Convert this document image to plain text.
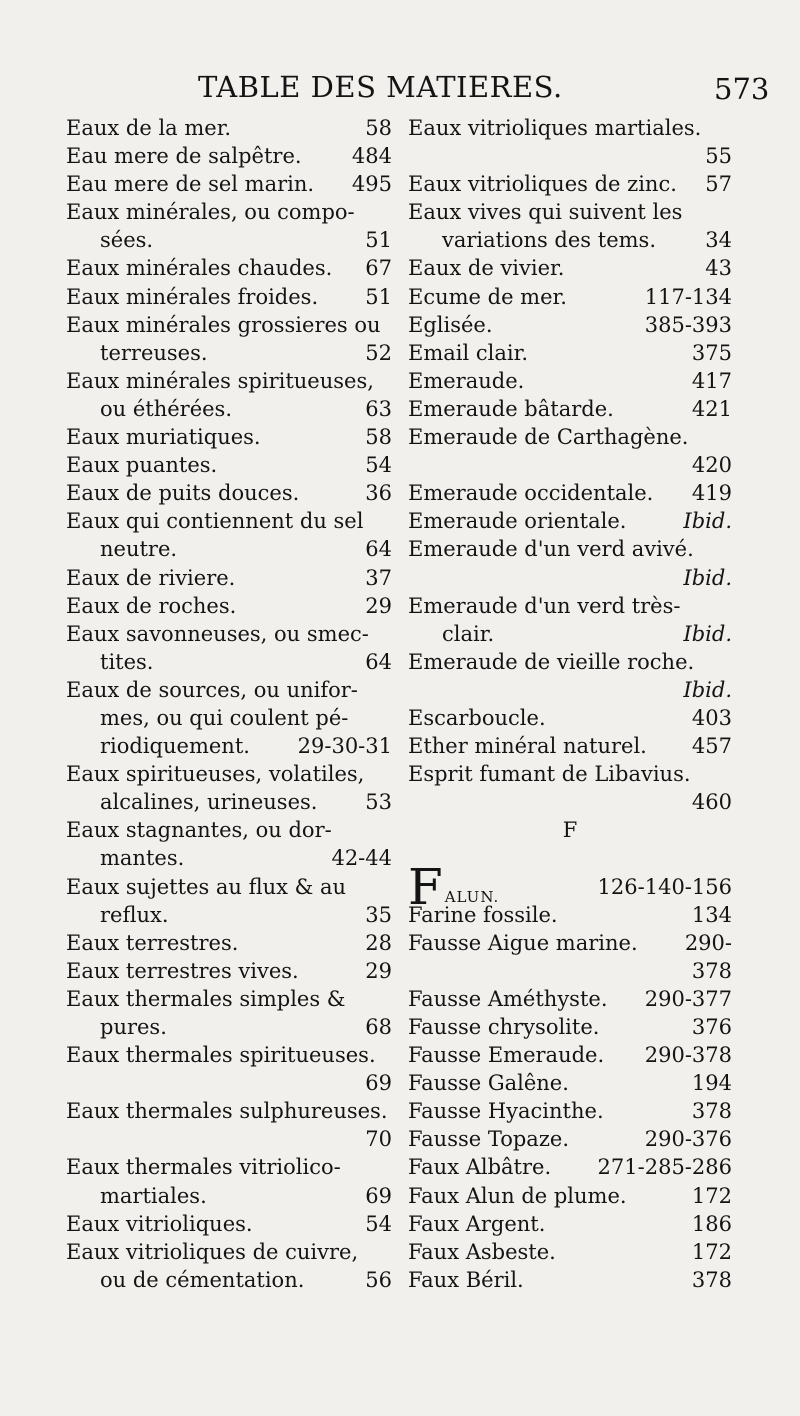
TABLE DES MATIERES.	573
Eaux de la mer.	58
Eau mere de salpêtre. 484
Eau mere de sel marin. 495
Eaux minérales, ou compo-
sées.	51
Eaux minérales chaudes. 67
Eaux minérales froides. 51
Eaux minérales grossieres ou
terreuses.	52
Eaux minérales spiritueuses,
ou éthérées.	63
Eaux muriatiques.	58
Eaux puantes.	54
Eaux de puits douces.	36
Eaux qui contiennent du sel
neutre.	64
Eaux de riviere.	37
Eaux de roches.	29
Eaux savonneuses, ou smec-
tites.	64
Eaux de sources, ou unifor-
mes, ou qui coulent pé-
riodiquement. 29-30-31
Eaux spiritueuses, volatiles,
alcalines, urineuses. 53
Eaux stagnantes, ou dor-
mantes.	42-44
Eaux sujettes au flux & au
reflux.	35
Eaux terrestres.	28
Eaux terrestres vives.	29
Eaux thermales simples &
pures.	68
Eaux thermales spiritueuses.
69
Eaux thermales sulphureuses.
70
Eaux thermales vitriolico-
martiales.	69
Eaux vitrioliques.	54
Eaux vitrioliques de cuivre,
ou de cémentation.	56
Eaux vitrioliques martiales.
55
Eaux vitrioliques de zinc. 57
Eaux vives qui suivent les
variations des tems. 34
Eaux de vivier.	43
Ecume de mer.	117-134
Eglisée.	385-393
Email clair.	375
Emeraude.	417
Emeraude bâtarde.	421
Emeraude de Carthagène.
420
Emeraude occidentale. 419
Emeraude orientale.	Ibid.
Emeraude d'un verd avivé.
Ibid.
Emeraude d'un verd très-
clair.	Ibid.
Emeraude de vieille roche.
Ibid.
Escarboucle.	403
Ether minéral naturel. 457
Esprit fumant de Libavius.
460
F
FALUN.	126-140-156
Farine fossile.	134
Fausse Aigue marine. 290-
378
Fausse Améthyste. 290-377
Fausse chrysolite.	376
Fausse Emeraude. 290-378
Fausse Galêne.	194
Fausse Hyacinthe.	378
Fausse Topaze.	290-376
Faux Albâtre. 271-285-286
Faux Alun de plume.	172
Faux Argent.	186
Faux Asbeste.	172
Faux Béril.	378
